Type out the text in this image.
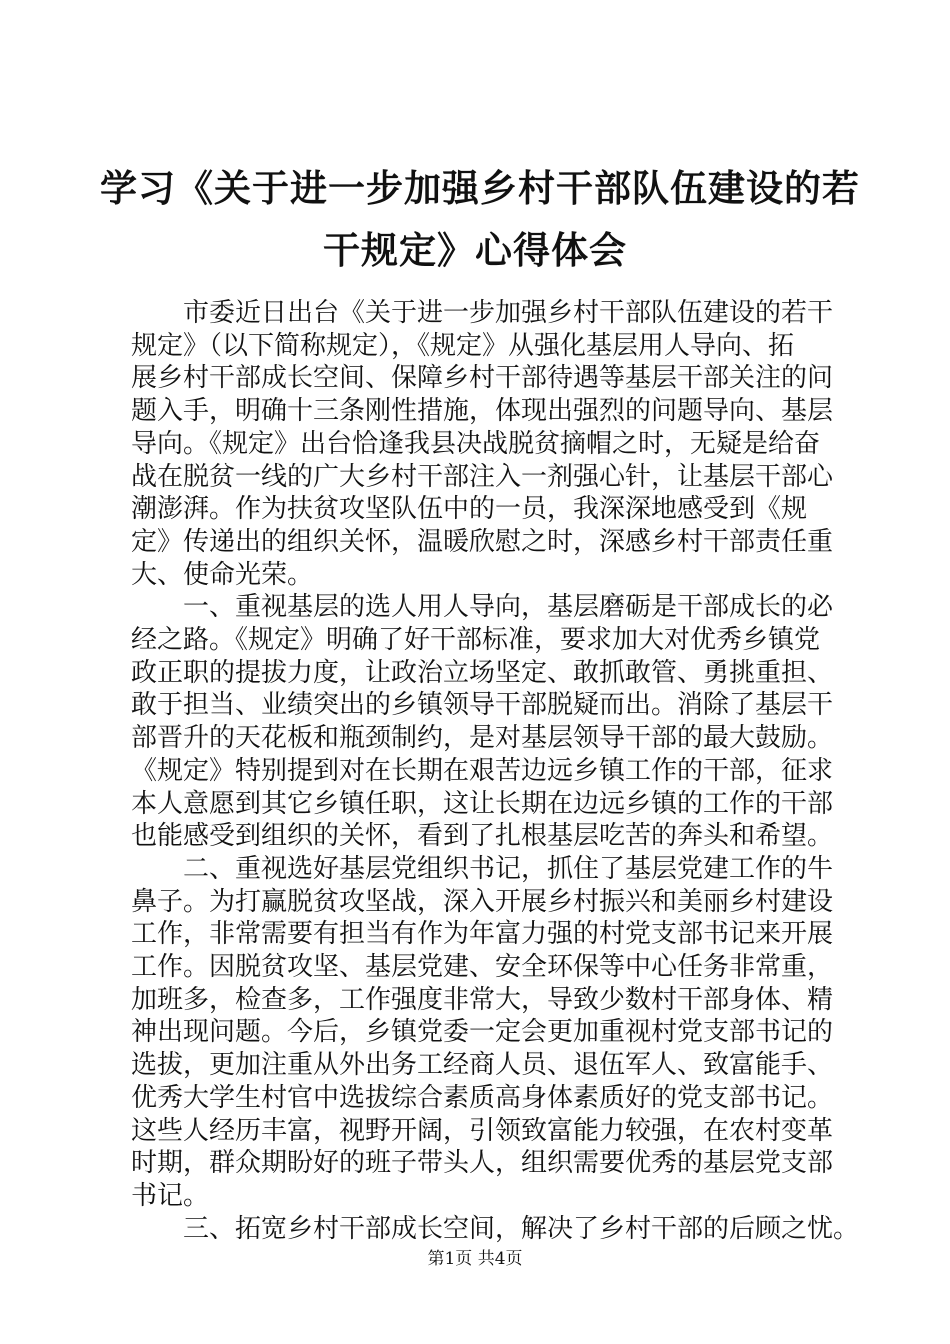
学习《关于进一步加强乡村干部队伍建设的若
干规定》心得体会

市委近日出台《关于进一步加强乡村干部队伍建设的若干
规定》（以下简称规定），《规定》从强化基层用人导向、拓
展乡村干部成长空间、保障乡村干部待遇等基层干部关注的问
题入手，明确十三条刚性措施，体现出强烈的问题导向、基层
导向。《规定》出台恰逢我县决战脱贫摘帽之时，无疑是给奋
战在脱贫一线的广大乡村干部注入一剂强心针，让基层干部心
潮澎湃。作为扶贫攻坚队伍中的一员，我深深地感受到《规
定》传递出的组织关怀，温暖欣慰之时，深感乡村干部责任重
大、使命光荣。

一、重视基层的选人用人导向，基层磨砺是干部成长的必
经之路。《规定》明确了好干部标准，要求加大对优秀乡镇党
政正职的提拔力度，让政治立场坚定、敢抓敢管、勇挑重担、
敢于担当、业绩突出的乡镇领导干部脱疑而出。消除了基层干
部晋升的天花板和瓶颈制约，是对基层领导干部的最大鼓励。
《规定》特别提到对在长期在艰苦边远乡镇工作的干部，征求
本人意愿到其它乡镇任职，这让长期在边远乡镇的工作的干部
也能感受到组织的关怀，看到了扎根基层吃苦的奔头和希望。

二、重视选好基层党组织书记，抓住了基层党建工作的牛
鼻子。为打赢脱贫攻坚战，深入开展乡村振兴和美丽乡村建设
工作，非常需要有担当有作为年富力强的村党支部书记来开展
工作。因脱贫攻坚、基层党建、安全环保等中心任务非常重，
加班多，检查多，工作强度非常大，导致少数村干部身体、精
神出现问题。今后，乡镇党委一定会更加重视村党支部书记的
选拔，更加注重从外出务工经商人员、退伍军人、致富能手、
优秀大学生村官中选拔综合素质高身体素质好的党支部书记。
这些人经历丰富，视野开阔，引领致富能力较强，在农村变革
时期，群众期盼好的班子带头人，组织需要优秀的基层党支部
书记。

三、拓宽乡村干部成长空间，解决了乡村干部的后顾之忧。

第1页 共4页
